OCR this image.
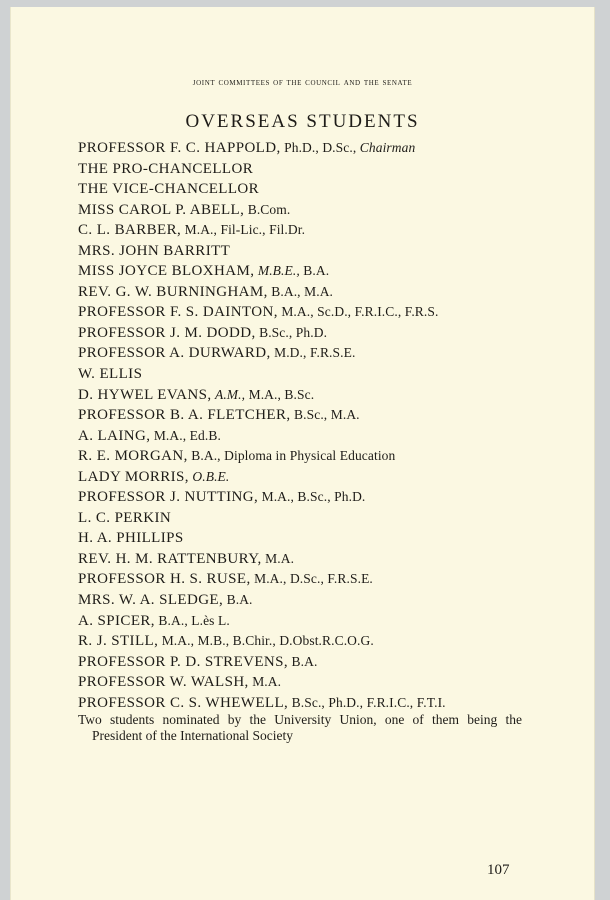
joint committees of the council and the senate
OVERSEAS STUDENTS
PROFESSOR F. C. HAPPOLD, Ph.D., D.Sc., Chairman
THE PRO-CHANCELLOR
THE VICE-CHANCELLOR
MISS CAROL P. ABELL, B.Com.
C. L. BARBER, M.A., Fil-Lic., Fil.Dr.
MRS. JOHN BARRITT
MISS JOYCE BLOXHAM, M.B.E., B.A.
REV. G. W. BURNINGHAM, B.A., M.A.
PROFESSOR F. S. DAINTON, M.A., Sc.D., F.R.I.C., F.R.S.
PROFESSOR J. M. DODD, B.Sc., Ph.D.
PROFESSOR A. DURWARD, M.D., F.R.S.E.
W. ELLIS
D. HYWEL EVANS, A.M., M.A., B.Sc.
PROFESSOR B. A. FLETCHER, B.Sc., M.A.
A. LAING, M.A., Ed.B.
R. E. MORGAN, B.A., Diploma in Physical Education
LADY MORRIS, O.B.E.
PROFESSOR J. NUTTING, M.A., B.Sc., Ph.D.
L. C. PERKIN
H. A. PHILLIPS
REV. H. M. RATTENBURY, M.A.
PROFESSOR H. S. RUSE, M.A., D.Sc., F.R.S.E.
MRS. W. A. SLEDGE, B.A.
A. SPICER, B.A., L.ès L.
R. J. STILL, M.A., M.B., B.Chir., D.Obst.R.C.O.G.
PROFESSOR P. D. STREVENS, B.A.
PROFESSOR W. WALSH, M.A.
PROFESSOR C. S. WHEWELL, B.Sc., Ph.D., F.R.I.C., F.T.I.
Two students nominated by the University Union, one of them being the President of the International Society
107
